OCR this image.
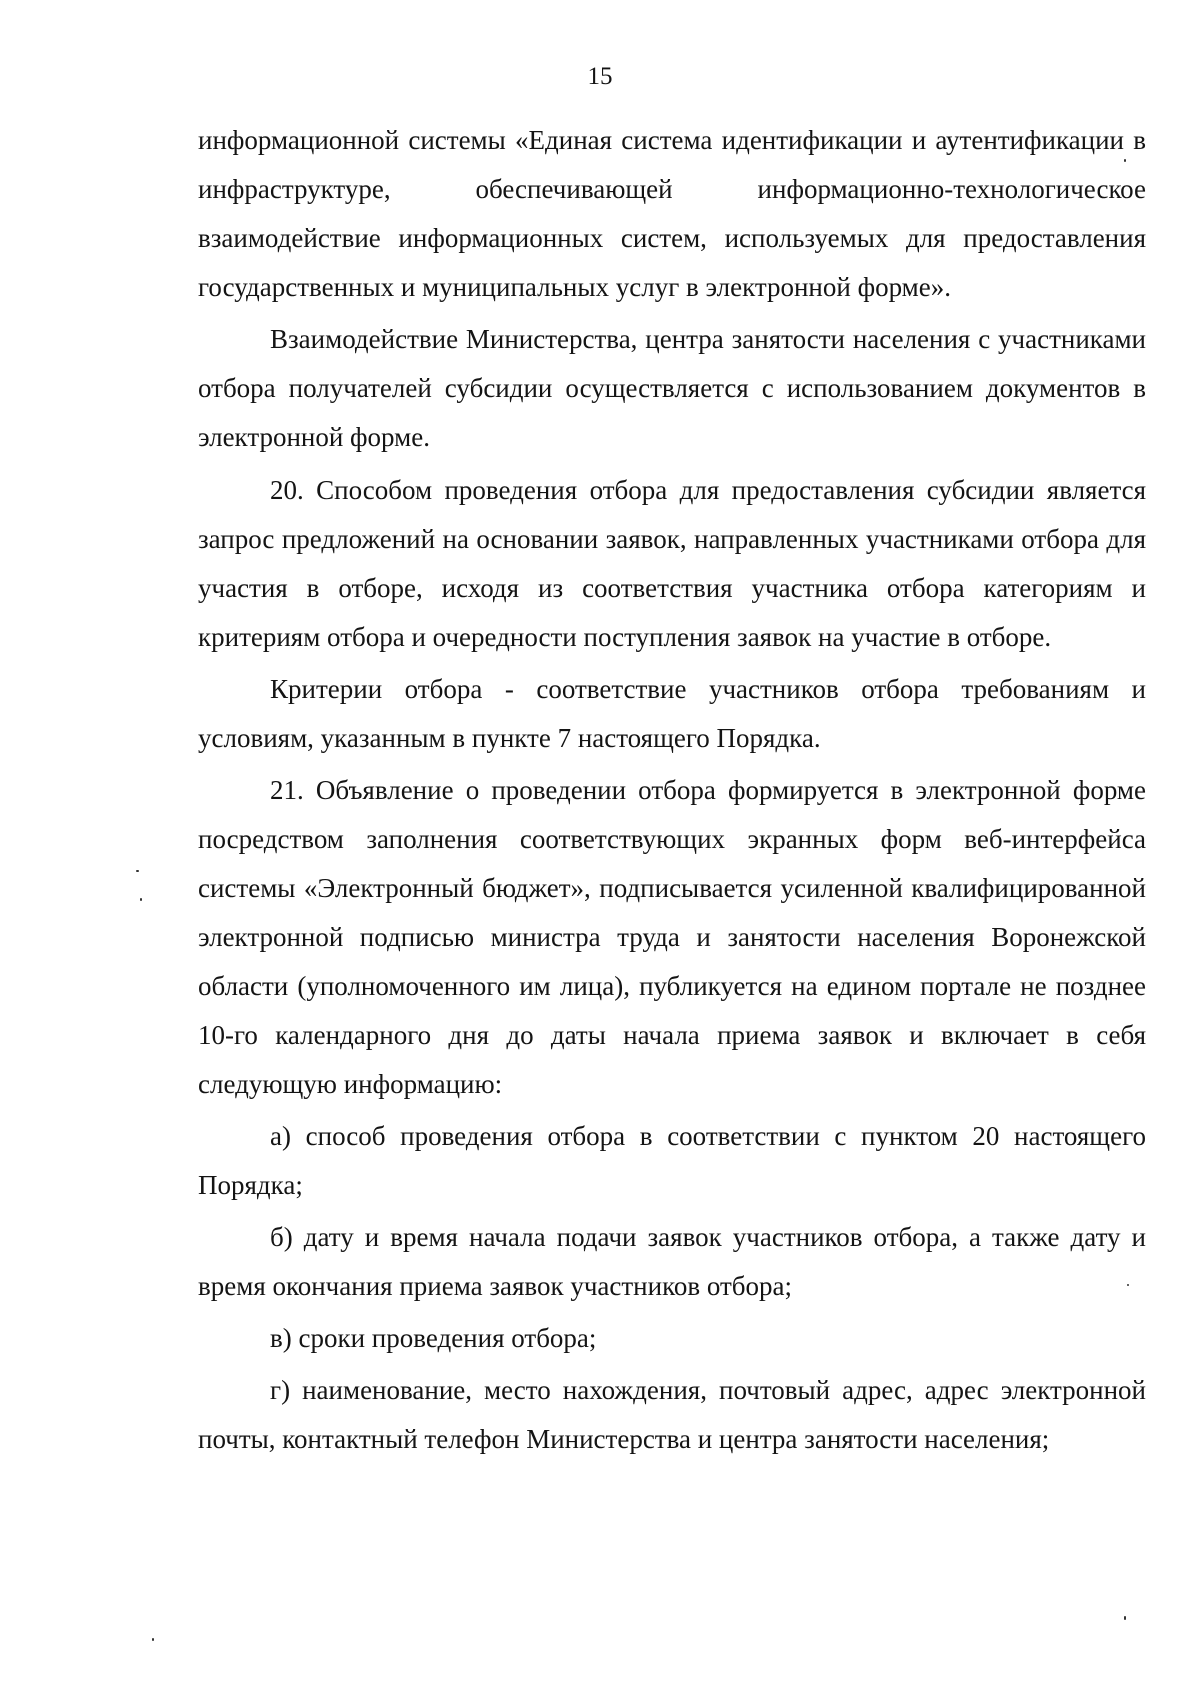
15

информационной системы «Единая система идентификации и аутентификации в инфраструктуре, обеспечивающей информационно-технологическое взаимодействие информационных систем, используемых для предоставления государственных и муниципальных услуг в электронной форме».

Взаимодействие Министерства, центра занятости населения с участниками отбора получателей субсидии осуществляется с использованием документов в электронной форме.

20. Способом проведения отбора для предоставления субсидии является запрос предложений на основании заявок, направленных участниками отбора для участия в отборе, исходя из соответствия участника отбора категориям и критериям отбора и очередности поступления заявок на участие в отборе.

Критерии отбора - соответствие участников отбора требованиям и условиям, указанным в пункте 7 настоящего Порядка.

21. Объявление о проведении отбора формируется в электронной форме посредством заполнения соответствующих экранных форм веб-интерфейса системы «Электронный бюджет», подписывается усиленной квалифицированной электронной подписью министра труда и занятости населения Воронежской области (уполномоченного им лица), публикуется на едином портале не позднее 10-го календарного дня до даты начала приема заявок и включает в себя следующую информацию:

а) способ проведения отбора в соответствии с пунктом 20 настоящего Порядка;

б) дату и время начала подачи заявок участников отбора, а также дату и время окончания приема заявок участников отбора;

в) сроки проведения отбора;

г) наименование, место нахождения, почтовый адрес, адрес электронной почты, контактный телефон Министерства и центра занятости населения;
